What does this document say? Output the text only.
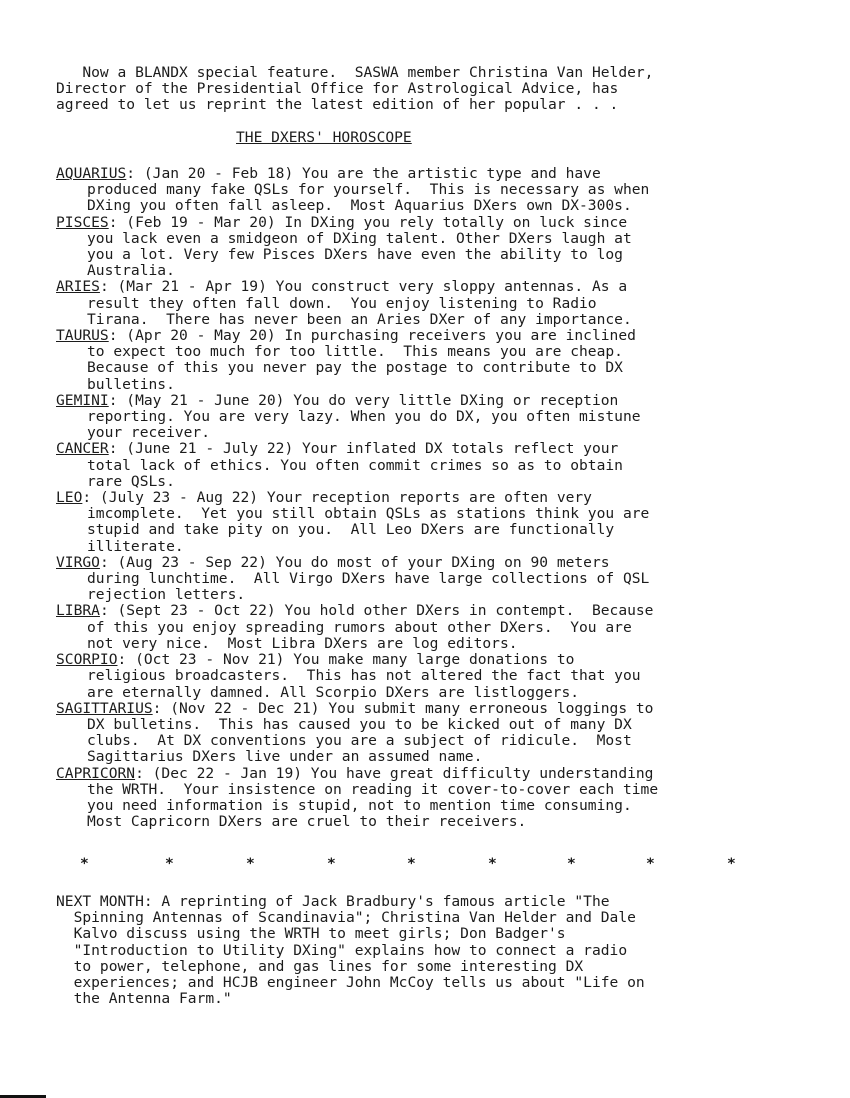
Now a BLANDX special feature.  SASWA member Christina Van Helder,
Director of the Presidential Office for Astrological Advice, has
agreed to let us reprint the latest edition of her popular . . .
THE DXERS' HOROSCOPE
AQUARIUS: (Jan 20 - Feb 18) You are the artistic type and have
produced many fake QSLs for yourself.  This is necessary as when
DXing you often fall asleep.  Most Aquarius DXers own DX-300s.
PISCES: (Feb 19 - Mar 20) In DXing you rely totally on luck since
you lack even a smidgeon of DXing talent. Other DXers laugh at
you a lot. Very few Pisces DXers have even the ability to log
Australia.
ARIES: (Mar 21 - Apr 19) You construct very sloppy antennas. As a
result they often fall down.  You enjoy listening to Radio
Tirana.  There has never been an Aries DXer of any importance.
TAURUS: (Apr 20 - May 20) In purchasing receivers you are inclined
to expect too much for too little.  This means you are cheap.
Because of this you never pay the postage to contribute to DX
bulletins.
GEMINI: (May 21 - June 20) You do very little DXing or reception
reporting. You are very lazy. When you do DX, you often mistune
your receiver.
CANCER: (June 21 - July 22) Your inflated DX totals reflect your
total lack of ethics. You often commit crimes so as to obtain
rare QSLs.
LEO: (July 23 - Aug 22) Your reception reports are often very
imcomplete.  Yet you still obtain QSLs as stations think you are
stupid and take pity on you.  All Leo DXers are functionally
illiterate.
VIRGO: (Aug 23 - Sep 22) You do most of your DXing on 90 meters
during lunchtime.  All Virgo DXers have large collections of QSL
rejection letters.
LIBRA: (Sept 23 - Oct 22) You hold other DXers in contempt.  Because
of this you enjoy spreading rumors about other DXers.  You are
not very nice.  Most Libra DXers are log editors.
SCORPIO: (Oct 23 - Nov 21) You make many large donations to
religious broadcasters.  This has not altered the fact that you
are eternally damned. All Scorpio DXers are listloggers.
SAGITTARIUS: (Nov 22 - Dec 21) You submit many erroneous loggings to
DX bulletins.  This has caused you to be kicked out of many DX
clubs.  At DX conventions you are a subject of ridicule.  Most
Sagittarius DXers live under an assumed name.
CAPRICORN: (Dec 22 - Jan 19) You have great difficulty understanding
the WRTH.  Your insistence on reading it cover-to-cover each time
you need information is stupid, not to mention time consuming.
Most Capricorn DXers are cruel to their receivers.
*	*	*	*	*	*	*	*	*
NEXT MONTH: A reprinting of Jack Bradbury's famous article "The
Spinning Antennas of Scandinavia"; Christina Van Helder and Dale
Kalvo discuss using the WRTH to meet girls; Don Badger's
"Introduction to Utility DXing" explains how to connect a radio
to power, telephone, and gas lines for some interesting DX
experiences; and HCJB engineer John McCoy tells us about "Life on
the Antenna Farm."
